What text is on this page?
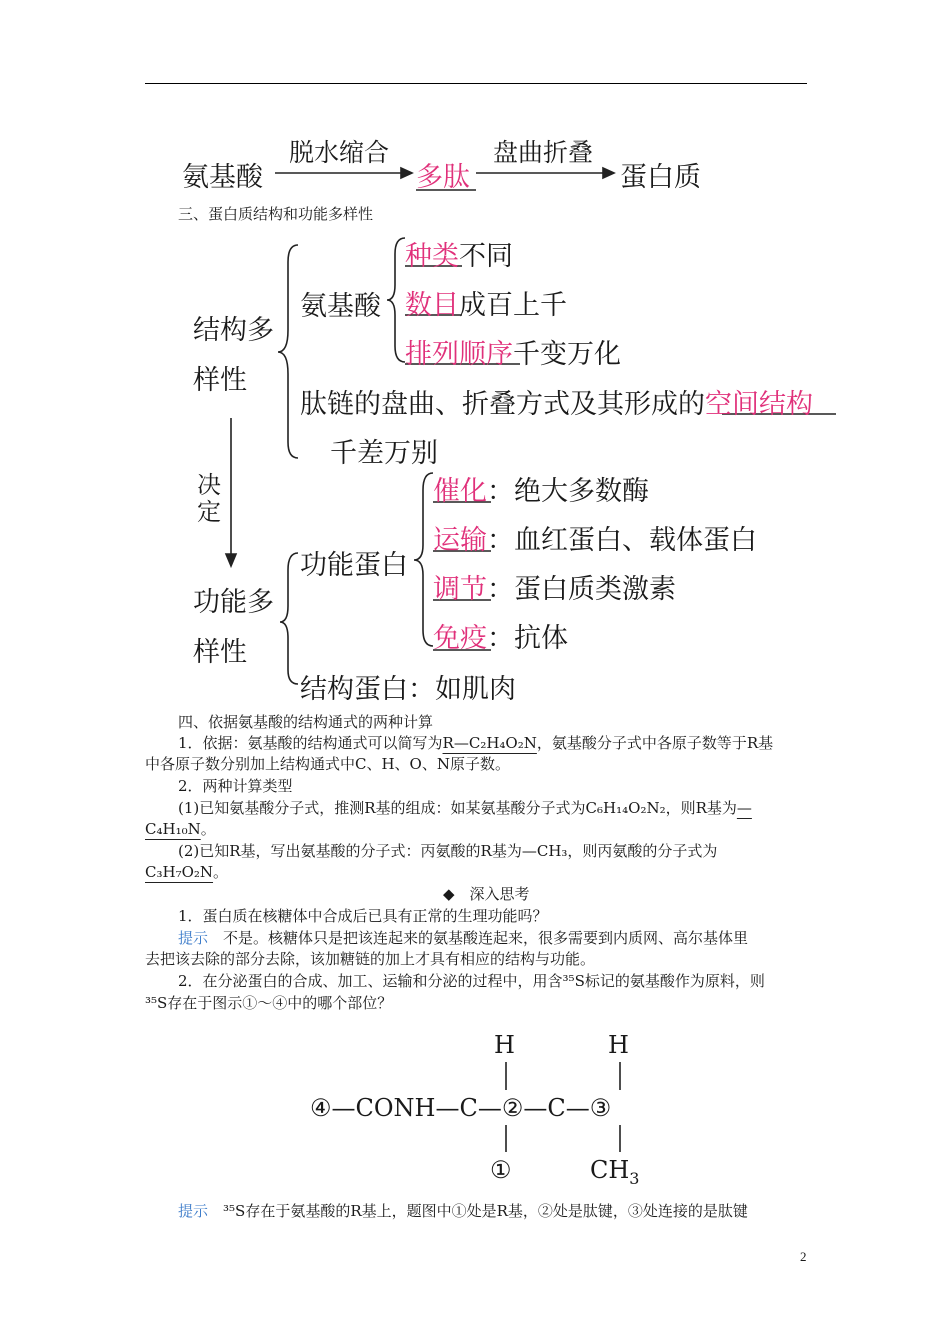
氨基酸
脱水缩合
多肽
盘曲折叠
蛋白质
三、蛋白质结构和功能多样性
结构多
样性
氨基酸
种类不同
数目成百上千
排列顺序千变万化
肽链的盘曲、折叠方式及其形成的空间结构
千差万别
决
定
功能多
样性
功能蛋白
催化：绝大多数酶
运输：血红蛋白、载体蛋白
调节：蛋白质类激素
免疫：抗体
结构蛋白：如肌肉
四、依据氨基酸的结构通式的两种计算
1．依据：氨基酸的结构通式可以简写为R—C₂H₄O₂N，氨基酸分子式中各原子数等于R基
中各原子数分别加上结构通式中C、H、O、N原子数。
2．两种计算类型
(1)已知氨基酸分子式，推测R基的组成：如某氨基酸分子式为C₆H₁₄O₂N₂，则R基为—
C₄H₁₀N。
(2)已知R基，写出氨基酸的分子式：丙氨酸的R基为—CH₃，则丙氨酸的分子式为
C₃H₇O₂N。
◆　深入思考
1．蛋白质在核糖体中合成后已具有正常的生理功能吗？
提示　 不是。核糖体只是把该连起来的氨基酸连起来，很多需要到内质网、高尔基体里
去把该去除的部分去除，该加糖链的加上才具有相应的结构与功能。
2．在分泌蛋白的合成、加工、运输和分泌的过程中，用含³⁵S标记的氨基酸作为原料，则
³⁵S存在于图示①～④中的哪个部位？
H	H
④—CONH—C—②—C—③
①	$CH_3$
提示　 ³⁵S存在于氨基酸的R基上，题图中①处是R基，②处是肽键，③处连接的是肽键
2
